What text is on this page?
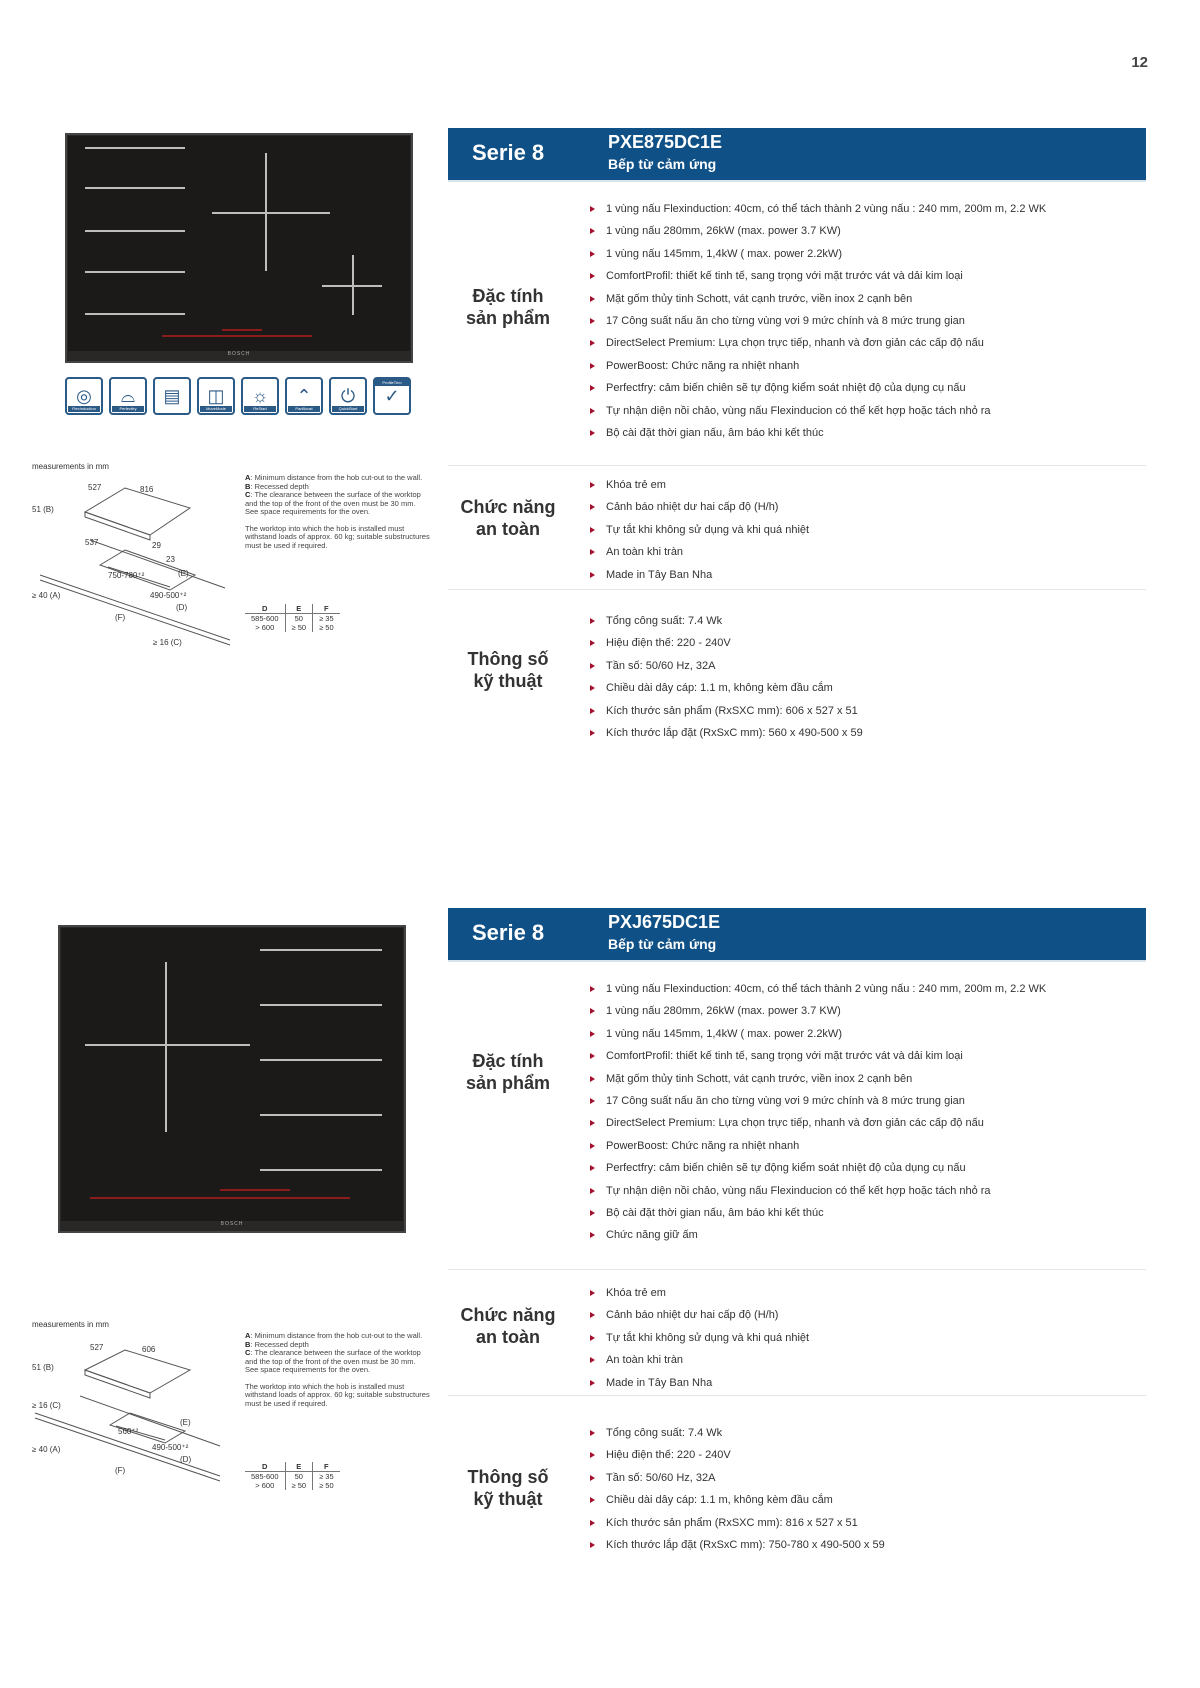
12
BOSCH
◎
FlexInduction
⌓
Perfectfry
▤ ◫
MoveMode
☼
ReStart
⌃
PanBoost
⏻
QuickStart
ProfileTrim
✓
measurements in mm
527	816
51 (B)
537	29
23
750-780⁺²
490-500⁺²
(E)
≥ 40 (A)
(D)
(F)
≥ 16 (C)

A: Minimum distance from the hob cut-out to the wall.

B: Recessed depth

C: The clearance between the surface of the worktop and the top of the front of the oven must be 30 mm. See space requirements for the oven.

The worktop into which the hob is installed must withstand loads of approx. 60 kg; suitable substructures must be used if required.

D	E	F
585-600	50	≥ 35
> 600	≥ 50	≥ 50
Serie 8	PXE875DC1E
Bếp từ cảm ứng
Đặc tính
sản phẩm
1 vùng nấu Flexinduction: 40cm, có thể tách thành 2 vùng nấu : 240 mm, 200m m, 2.2 WK
1 vùng nấu 280mm, 26kW (max. power 3.7 KW)
1 vùng nấu 145mm, 1,4kW ( max. power 2.2kW)
ComfortProfil: thiết kế tinh tế, sang trọng với mặt trước vát và dải kim loại
Mặt gốm thủy tinh Schott, vát cạnh trước, viền inox 2 cạnh bên
17 Công suất nấu ăn cho từng vùng vơi 9 mức chính và 8 mức trung gian
DirectSelect Premium: Lựa chọn trực tiếp, nhanh và đơn giản các cấp độ nấu
PowerBoost: Chức năng ra nhiệt nhanh
Perfectfry: cảm biến chiên sẽ tự động kiểm soát nhiệt độ của dụng cụ nấu
Tự nhận diện nồi chảo, vùng nấu Flexinducion có thể kết hợp hoặc tách nhỏ ra
Bộ cài đặt thời gian nấu, âm báo khi kết thúc
Chức năng
an toàn
Khóa trẻ em
Cảnh báo nhiệt dư hai cấp độ (H/h)
Tự tắt khi không sử dụng và khi quá nhiệt
An toàn khi tràn
Made in Tây Ban Nha
Thông số
kỹ thuật
Tổng công suất: 7.4 Wk
Hiệu điện thế: 220 - 240V
Tần số: 50/60 Hz, 32A
Chiều dài dây cáp: 1.1 m, không kèm đầu cắm
Kích thước sản phẩm (RxSXC mm): 606 x 527 x 51
Kích thước lắp đặt (RxSxC mm): 560 x 490-500 x 59
BOSCH
measurements in mm
527	606
51 (B)
≥ 16 (C)
560⁺²
490-500⁺²
(E)
≥ 40 (A)
(D)
(F)

A: Minimum distance from the hob cut-out to the wall.

B: Recessed depth

C: The clearance between the surface of the worktop and the top of the front of the oven must be 30 mm. See space requirements for the oven.

The worktop into which the hob is installed must withstand loads of approx. 60 kg; suitable substructures must be used if required.

D	E	F
585-600	50	≥ 35
> 600	≥ 50	≥ 50
Serie 8	PXJ675DC1E
Bếp từ cảm ứng
Đặc tính
sản phẩm
1 vùng nấu Flexinduction: 40cm, có thể tách thành 2 vùng nấu : 240 mm, 200m m, 2.2 WK
1 vùng nấu 280mm, 26kW (max. power 3.7 KW)
1 vùng nấu 145mm, 1,4kW ( max. power 2.2kW)
ComfortProfil: thiết kế tinh tế, sang trọng với mặt trước vát và dải kim loại
Mặt gốm thủy tinh Schott, vát cạnh trước, viền inox 2 cạnh bên
17 Công suất nấu ăn cho từng vùng vơi 9 mức chính và 8 mức trung gian
DirectSelect Premium: Lựa chọn trực tiếp, nhanh và đơn giản các cấp độ nấu
PowerBoost: Chức năng ra nhiệt nhanh
Perfectfry: cảm biến chiên sẽ tự động kiểm soát nhiệt độ của dụng cụ nấu
Tự nhận diện nồi chảo, vùng nấu Flexinducion có thể kết hợp hoặc tách nhỏ ra
Bộ cài đặt thời gian nấu, âm báo khi kết thúc
Chức năng giữ ấm
Chức năng
an toàn
Khóa trẻ em
Cảnh báo nhiệt dư hai cấp độ (H/h)
Tự tắt khi không sử dụng và khi quá nhiệt
An toàn khi tràn
Made in Tây Ban Nha
Thông số
kỹ thuật
Tổng công suất: 7.4 Wk
Hiệu điện thế: 220 - 240V
Tần số: 50/60 Hz, 32A
Chiều dài dây cáp: 1.1 m, không kèm đầu cắm
Kích thước sản phẩm (RxSXC mm): 816 x 527 x 51
Kích thước lắp đặt (RxSxC mm): 750-780 x 490-500 x 59
